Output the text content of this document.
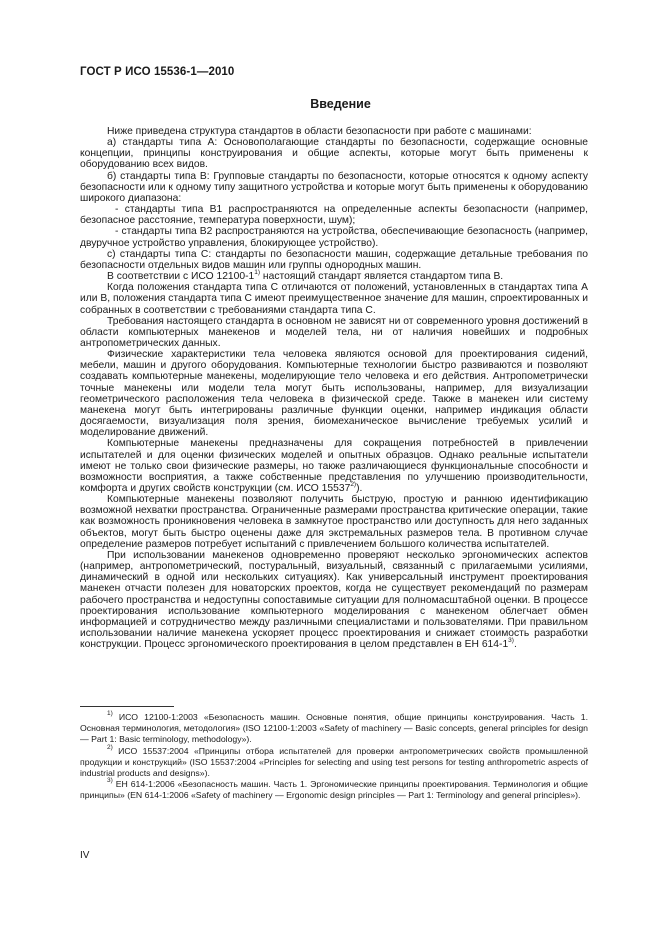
ГОСТ Р ИСО 15536-1—2010
Введение

Ниже приведена структура стандартов в области безопасности при работе с машинами:

а) стандарты типа А: Основополагающие стандарты по безопасности, содержащие основные концепции, принципы конструирования и общие аспекты, которые могут быть применены к оборудованию всех видов.

б) стандарты типа В: Групповые стандарты по безопасности, которые относятся к одному аспекту безопасности или к одному типу защитного устройства и которые могут быть применены к оборудованию широкого диапазона:

- стандарты типа В1 распространяются на определенные аспекты безопасности (например, безопасное расстояние, температура поверхности, шум);

- стандарты типа В2 распространяются на устройства, обеспечивающие безопасность (например, двуручное устройство управления, блокирующее устройство).

с) стандарты типа С: стандарты по безопасности машин, содержащие детальные требования по безопасности отдельных видов машин или группы однородных машин.

В соответствии с ИСО 12100-1$^{1)}$ настоящий стандарт является стандартом типа В.

Когда положения стандарта типа С отличаются от положений, установленных в стандартах типа А или В, положения стандарта типа С имеют преимущественное значение для машин, спроектированных и собранных в соответствии с требованиями стандарта типа С.

Требования настоящего стандарта в основном не зависят ни от современного уровня достижений в области компьютерных манекенов и моделей тела, ни от наличия новейших и подробных антропометрических данных.

Физические характеристики тела человека являются основой для проектирования сидений, мебели, машин и другого оборудования. Компьютерные технологии быстро развиваются и позволяют создавать компьютерные манекены, моделирующие тело человека и его действия. Антропометрически точные манекены или модели тела могут быть использованы, например, для визуализации геометрического расположения тела человека в физической среде. Также в манекен или систему манекена могут быть интегрированы различные функции оценки, например индикация области досягаемости, визуализация поля зрения, биомеханическое вычисление требуемых усилий и моделирование движений.

Компьютерные манекены предназначены для сокращения потребностей в привлечении испытателей и для оценки физических моделей и опытных образцов. Однако реальные испытатели имеют не только свои физические размеры, но также различающиеся функциональные способности и возможности восприятия, а также собственные представления по улучшению производительности, комфорта и других свойств конструкции (см. ИСО 15537$^{2)}$).

Компьютерные манекены позволяют получить быструю, простую и раннюю идентификацию возможной нехватки пространства. Ограниченные размерами пространства критические операции, такие как возможность проникновения человека в замкнутое пространство или доступность для него заданных объектов, могут быть быстро оценены даже для экстремальных размеров тела. В противном случае определение размеров потребует испытаний с привлечением большого количества испытателей.

При использовании манекенов одновременно проверяют несколько эргономических аспектов (например, антропометрический, постуральный, визуальный, связанный с прилагаемыми усилиями, динамический в одной или нескольких ситуациях). Как универсальный инструмент проектирования манекен отчасти полезен для новаторских проектов, когда не существует рекомендаций по размерам рабочего пространства и недоступны сопоставимые ситуации для полномасштабной оценки. В процессе проектирования использование компьютерного моделирования с манекеном облегчает обмен информацией и сотрудничество между различными специалистами и пользователями. При правильном использовании наличие манекена ускоряет процесс проектирования и снижает стоимость разработки конструкции. Процесс эргономического проектирования в целом представлен в ЕН 614-1$^{3)}$.

$^{1)}$ ИСО 12100-1:2003 «Безопасность машин. Основные понятия, общие принципы конструирования. Часть 1. Основная терминология, методология» (ISO 12100-1:2003 «Safety of machinery — Basic concepts, general principles for design — Part 1: Basic terminology, methodology»).

$^{2)}$ ИСО 15537:2004 «Принципы отбора испытателей для проверки антропометрических свойств промышленной продукции и конструкций» (ISO 15537:2004 «Principles for selecting and using test persons for testing anthropometric aspects of industrial products and designs»).

$^{3)}$ ЕН 614-1:2006 «Безопасность машин. Часть 1. Эргономические принципы проектирования. Терминология и общие принципы» (EN 614-1:2006 «Safety of machinery — Ergonomic design principles — Part 1: Terminology and general principles»).

IV
